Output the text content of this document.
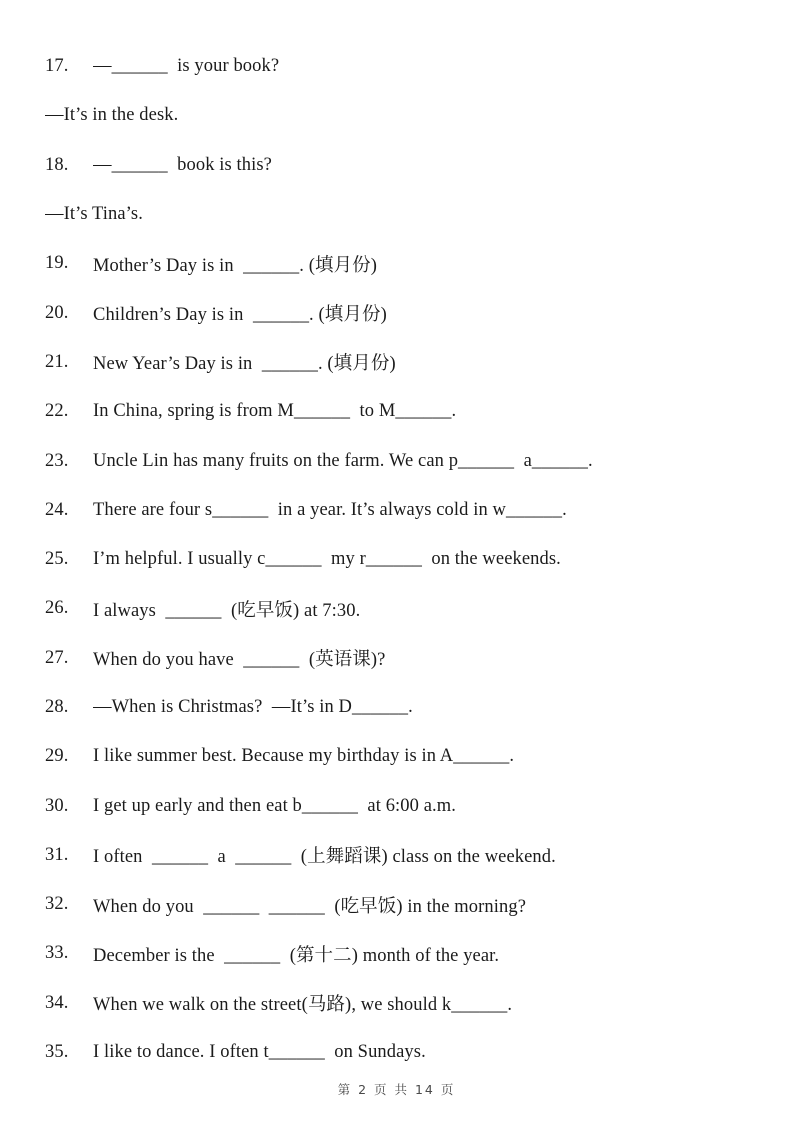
17.	—______  is your book?
—It’s in the desk.
18.	—______  book is this?
—It’s Tina’s.
19.	Mother’s Day is in  ______. (填月份)
20.	Children’s Day is in  ______. (填月份)
21.	New Year’s Day is in  ______. (填月份)
22.	In China, spring is from M______  to M______.
23.	Uncle Lin has many fruits on the farm. We can p______  a______.
24.	There are four s______  in a year. It’s always cold in w______.
25.	I’m helpful. I usually c______  my r______  on the weekends.
26.	I always  ______  (吃早饭) at 7:30.
27.	When do you have  ______  (英语课)?
28.	—When is Christmas?  —It’s in D______.
29.	I like summer best. Because my birthday is in A______.
30.	I get up early and then eat b______  at 6:00 a.m.
31.	I often  ______  a  ______  (上舞蹈课) class on the weekend.
32.	When do you  ______  ______  (吃早饭) in the morning?
33.	December is the  ______  (第十二) month of the year.
34.	When we walk on the street(马路), we should k______.
35.	I like to dance. I often t______  on Sundays.
第 2 页 共 14 页
